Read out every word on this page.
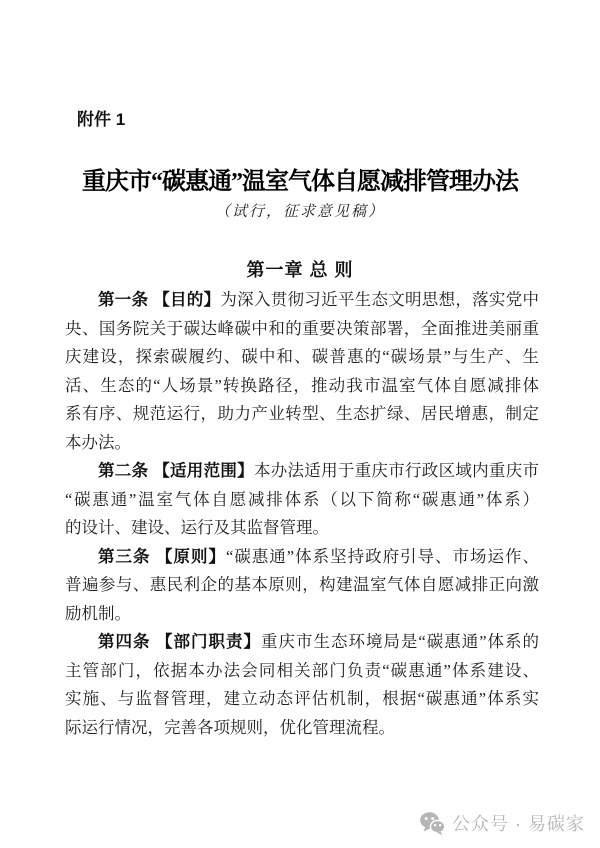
附件 1
重庆市“碳惠通”温室气体自愿减排管理办法
（试行，征求意见稿）
第一章 总 则
第一条 【目的】为深入贯彻习近平生态文明思想，落实党中
央、国务院关于碳达峰碳中和的重要决策部署，全面推进美丽重
庆建设，探索碳履约、碳中和、碳普惠的“碳场景”与生产、生
活、生态的“人场景”转换路径，推动我市温室气体自愿减排体
系有序、规范运行，助力产业转型、生态扩绿、居民增惠，制定
本办法。
第二条 【适用范围】本办法适用于重庆市行政区域内重庆市
“碳惠通”温室气体自愿减排体系（以下简称“碳惠通”体系）
的设计、建设、运行及其监督管理。
第三条 【原则】“碳惠通”体系坚持政府引导、市场运作、
普遍参与、惠民利企的基本原则，构建温室气体自愿减排正向激
励机制。
第四条 【部门职责】重庆市生态环境局是“碳惠通”体系的
主管部门，依据本办法会同相关部门负责“碳惠通”体系建设、
实施、与监督管理，建立动态评估机制，根据“碳惠通”体系实
际运行情况，完善各项规则，优化管理流程。
公众号 · 易碳家
